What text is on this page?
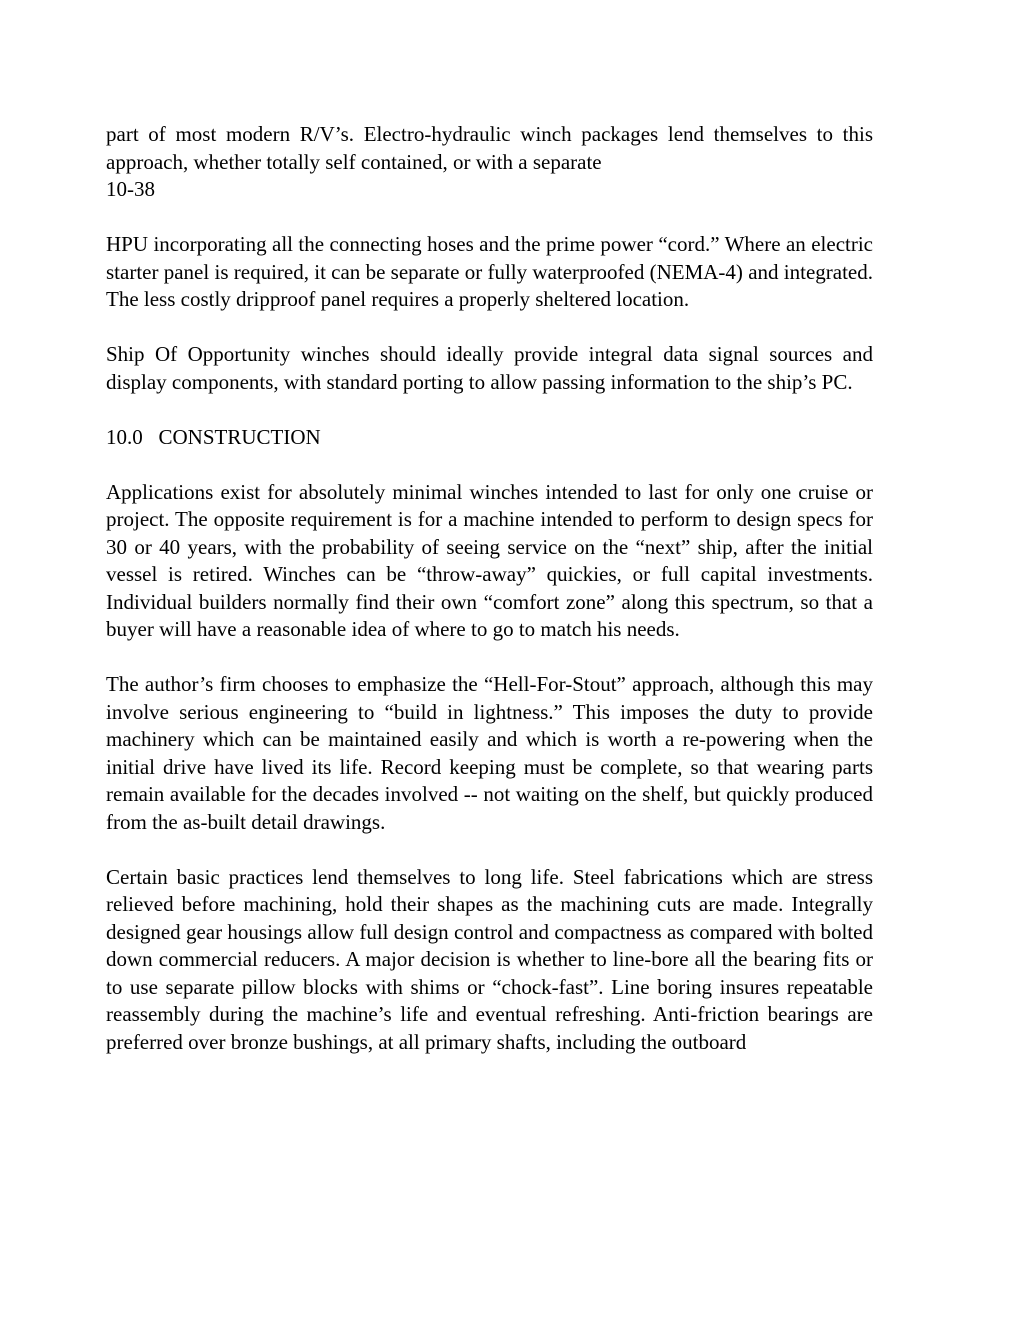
part of most modern R/V’s. Electro-hydraulic winch packages lend themselves to this approach, whether totally self contained, or with a separate

10-38

HPU incorporating all the connecting hoses and the prime power “cord.” Where an electric starter panel is required, it can be separate or fully waterproofed (NEMA-4) and integrated. The less costly dripproof panel requires a properly sheltered location.

Ship Of Opportunity winches should ideally provide integral data signal sources and display components, with standard porting to allow passing information to the ship’s PC.

10.0   CONSTRUCTION

Applications exist for absolutely minimal winches intended to last for only one cruise or project. The opposite requirement is for a machine intended to perform to design specs for 30 or 40 years, with the probability of seeing service on the “next” ship, after the initial vessel is retired. Winches can be “throw-away” quickies, or full capital investments. Individual builders normally find their own “comfort zone” along this spectrum, so that a buyer will have a reasonable idea of where to go to match his needs.

The author’s firm chooses to emphasize the “Hell-For-Stout” approach, although this may involve serious engineering to “build in lightness.” This imposes the duty to provide machinery which can be maintained easily and which is worth a re-powering when the initial drive have lived its life. Record keeping must be complete, so that wearing parts remain available for the decades involved -- not waiting on the shelf, but quickly produced from the as-built detail drawings.

Certain basic practices lend themselves to long life. Steel fabrications which are stress relieved before machining, hold their shapes as the machining cuts are made. Integrally designed gear housings allow full design control and compactness as compared with bolted down commercial reducers. A major decision is whether to line-bore all the bearing fits or to use separate pillow blocks with shims or “chock-fast”. Line boring insures repeatable reassembly during the machine’s life and eventual refreshing. Anti-friction bearings are preferred over bronze bushings, at all primary shafts, including the outboard
